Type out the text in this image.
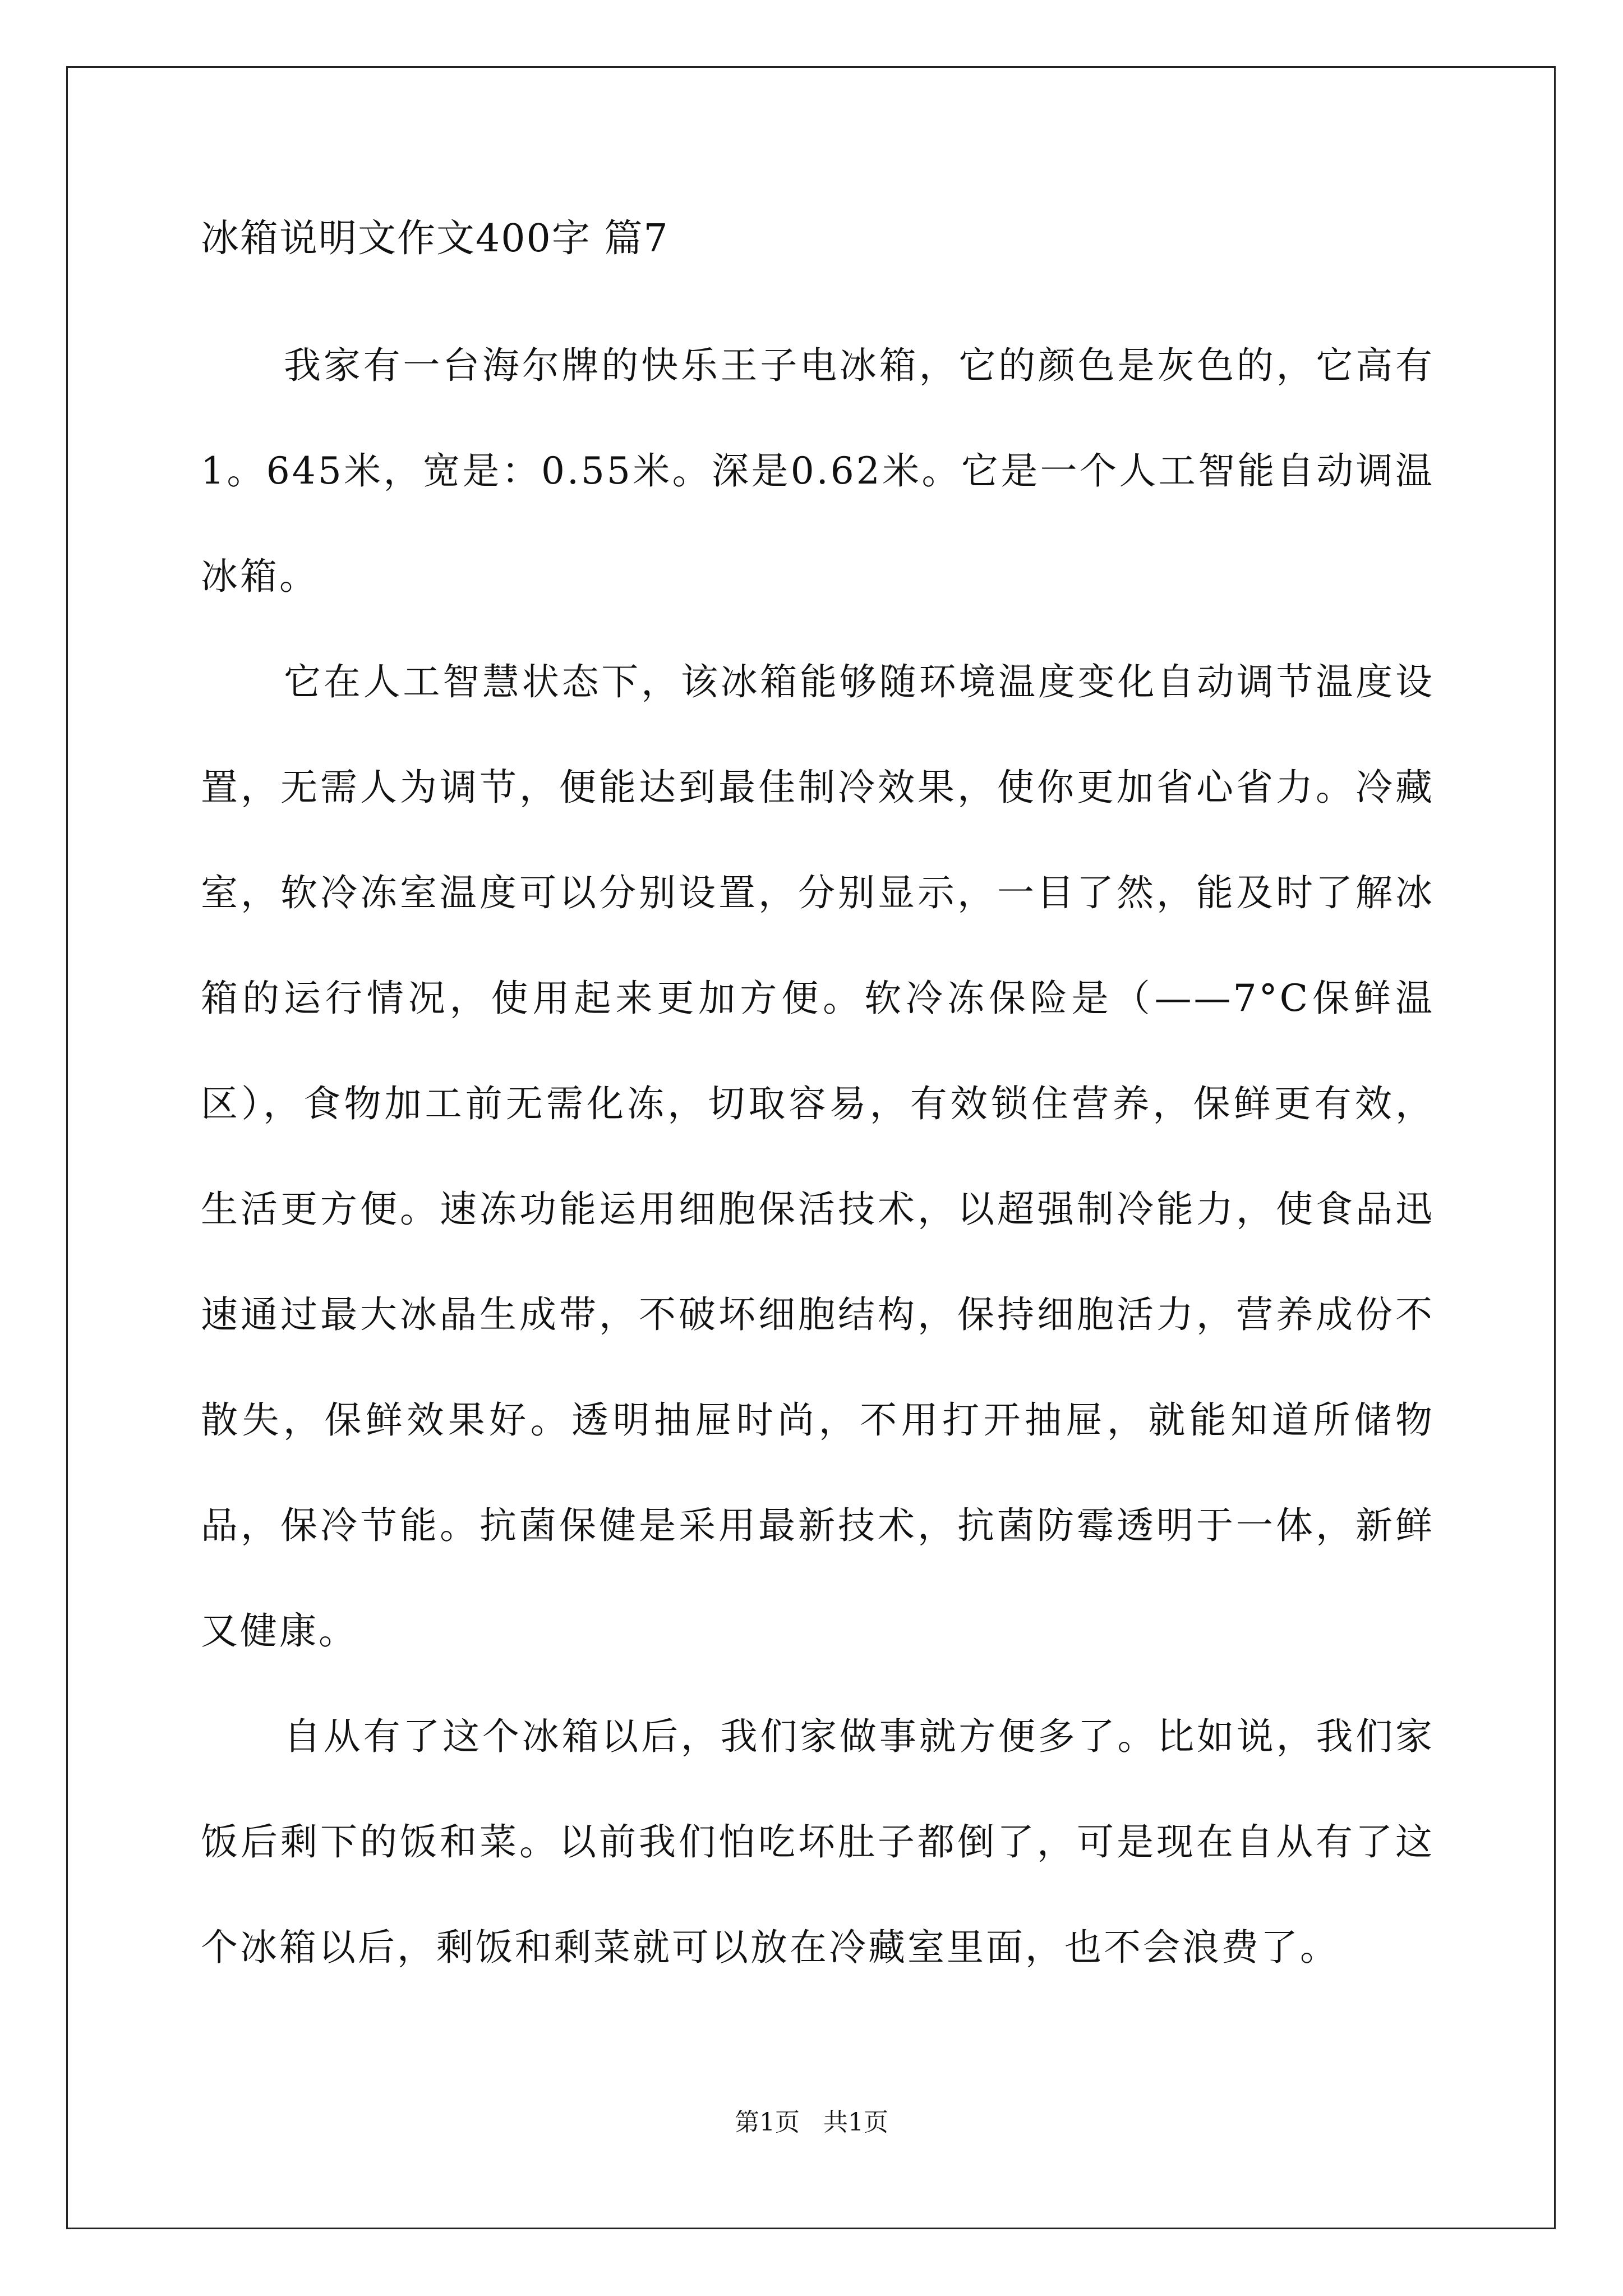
冰箱说明文作文400字 篇7

我家有一台海尔牌的快乐王子电冰箱，它的颜色是灰色的，它高有1。645米，宽是：0.55米。深是0.62米。它是一个人工智能自动调温冰箱。

它在人工智慧状态下，该冰箱能够随环境温度变化自动调节温度设置，无需人为调节，便能达到最佳制冷效果，使你更加省心省力。冷藏室，软冷冻室温度可以分别设置，分别显示，一目了然，能及时了解冰箱的运行情况，使用起来更加方便。软冷冻保险是（——7°C保鲜温区），食物加工前无需化冻，切取容易，有效锁住营养，保鲜更有效，生活更方便。速冻功能运用细胞保活技术，以超强制冷能力，使食品迅速通过最大冰晶生成带，不破坏细胞结构，保持细胞活力，营养成份不散失，保鲜效果好。透明抽屉时尚，不用打开抽屉，就能知道所储物品，保冷节能。抗菌保健是采用最新技术，抗菌防霉透明于一体，新鲜又健康。

自从有了这个冰箱以后，我们家做事就方便多了。比如说，我们家饭后剩下的饭和菜。以前我们怕吃坏肚子都倒了，可是现在自从有了这个冰箱以后，剩饭和剩菜就可以放在冷藏室里面，也不会浪费了。

第1页   共1页
